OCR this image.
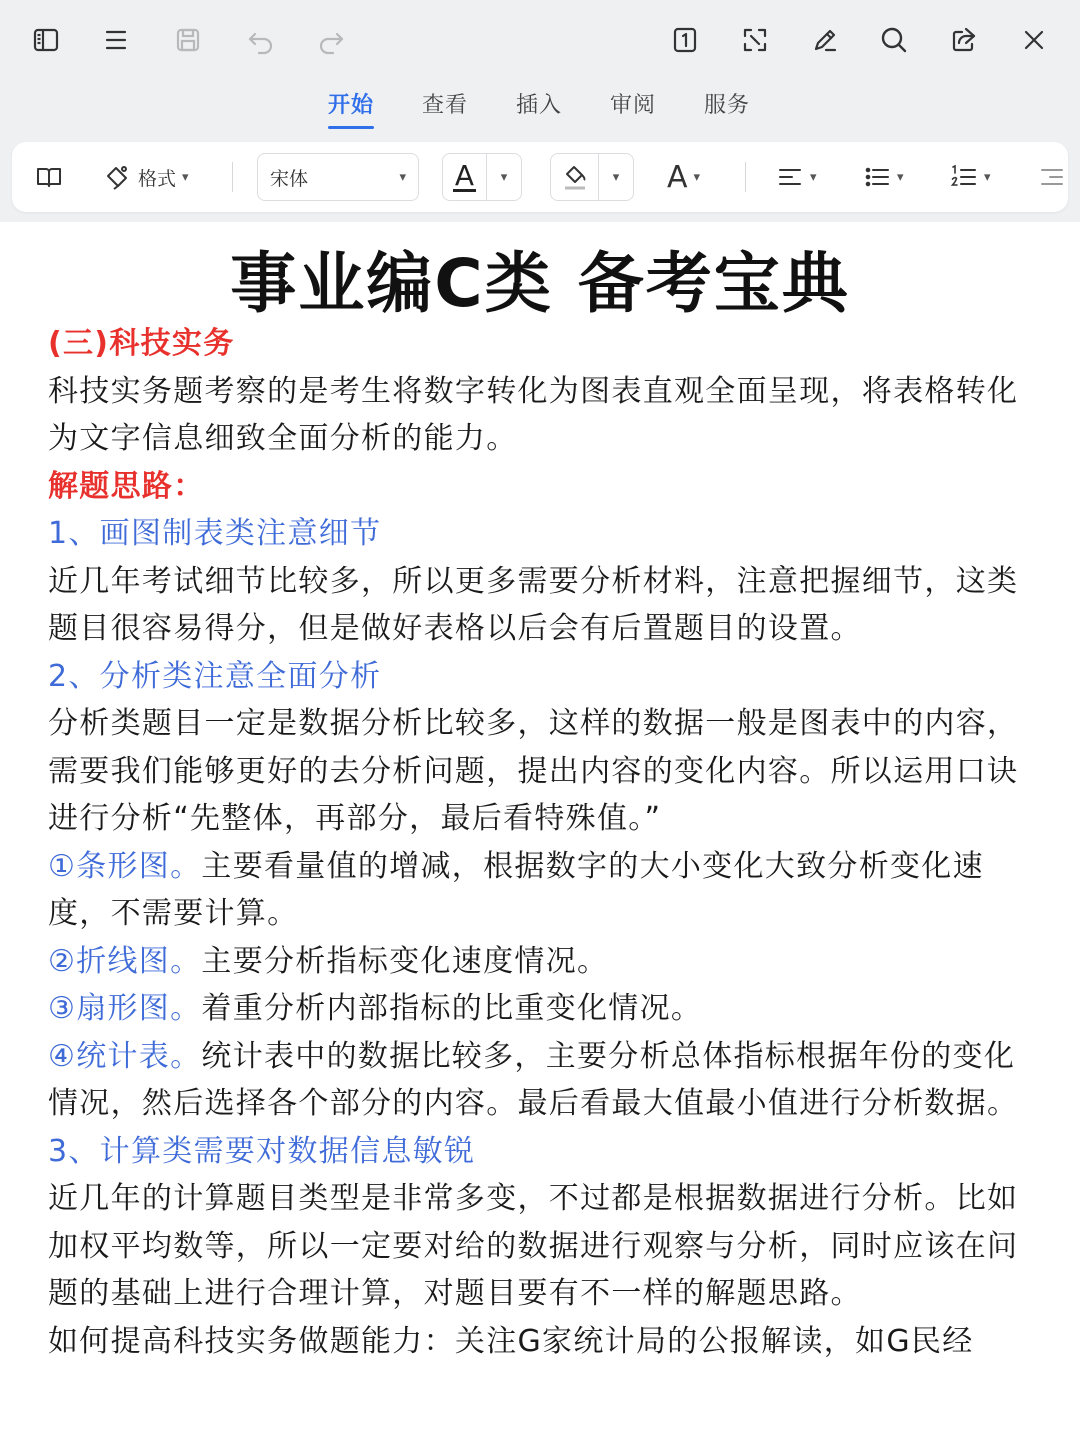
开始 查看 插入 审阅 服务
格式 ▾	宋体	▾ A ▾	▾ A ▾	▾	▾	▾
事业编C类 备考宝典

(三)科技实务

科技实务题考察的是考生将数字转化为图表直观全面呈现，将表格转化为文字信息细致全面分析的能力。

解题思路：

1、画图制表类注意细节

近几年考试细节比较多，所以更多需要分析材料，注意把握细节，这类题目很容易得分，但是做好表格以后会有后置题目的设置。

2、分析类注意全面分析

分析类题目一定是数据分析比较多，这样的数据一般是图表中的内容，需要我们能够更好的去分析问题，提出内容的变化内容。所以运用口诀进行分析“先整体，再部分，最后看特殊值。”

①条形图。主要看量值的增减，根据数字的大小变化大致分析变化速度，不需要计算。

②折线图。主要分析指标变化速度情况。

③扇形图。着重分析内部指标的比重变化情况。

④统计表。统计表中的数据比较多，主要分析总体指标根据年份的变化情况，然后选择各个部分的内容。最后看最大值最小值进行分析数据。

3、计算类需要对数据信息敏锐

近几年的计算题目类型是非常多变，不过都是根据数据进行分析。比如加权平均数等，所以一定要对给的数据进行观察与分析，同时应该在问题的基础上进行合理计算，对题目要有不一样的解题思路。

如何提高科技实务做题能力：关注G家统计局的公报解读，如G民经
